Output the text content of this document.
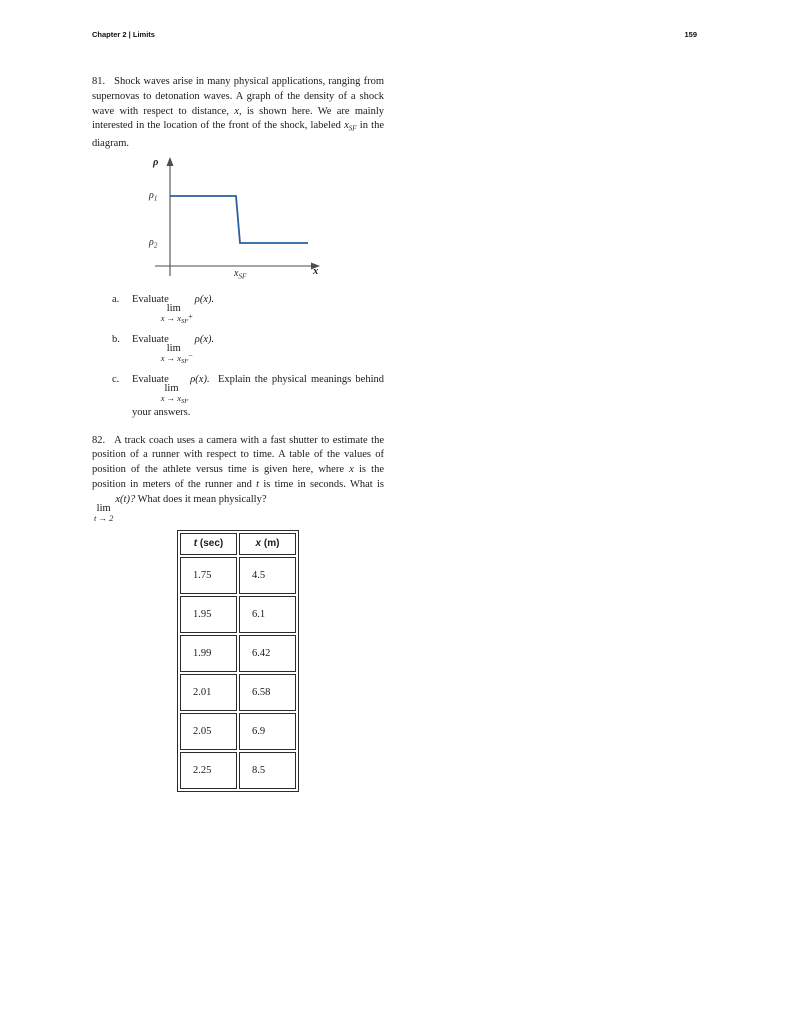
Chapter 2 | Limits	159
81. Shock waves arise in many physical applications, ranging from supernovas to detonation waves. A graph of the density of a shock wave with respect to distance, x, is shown here. We are mainly interested in the location of the front of the shock, labeled $x_{SF}$ in the diagram.
ρ
$\rho_1$
$\rho_2$
$x_{SF}$	x
a. Evaluate
lim
$x \to x_{SF}+$
ρ(x).
b. Evaluate
lim
$x \to x_{SF}-$
ρ(x).
c. Evaluate
lim
$x \to x_{SF}$
ρ(x). Explain the physical meanings behind your answers.
82. A track coach uses a camera with a fast shutter to estimate the position of a runner with respect to time. A table of the values of position of the athlete versus time is given here, where x is the position in meters of the runner and t is time in seconds. What is
lim
t → 2
x(t)? What does it mean physically?
t (sec)	x (m)
1.75	4.5
1.95	6.1
1.99	6.42
2.01	6.58
2.05	6.9
2.25	8.5
